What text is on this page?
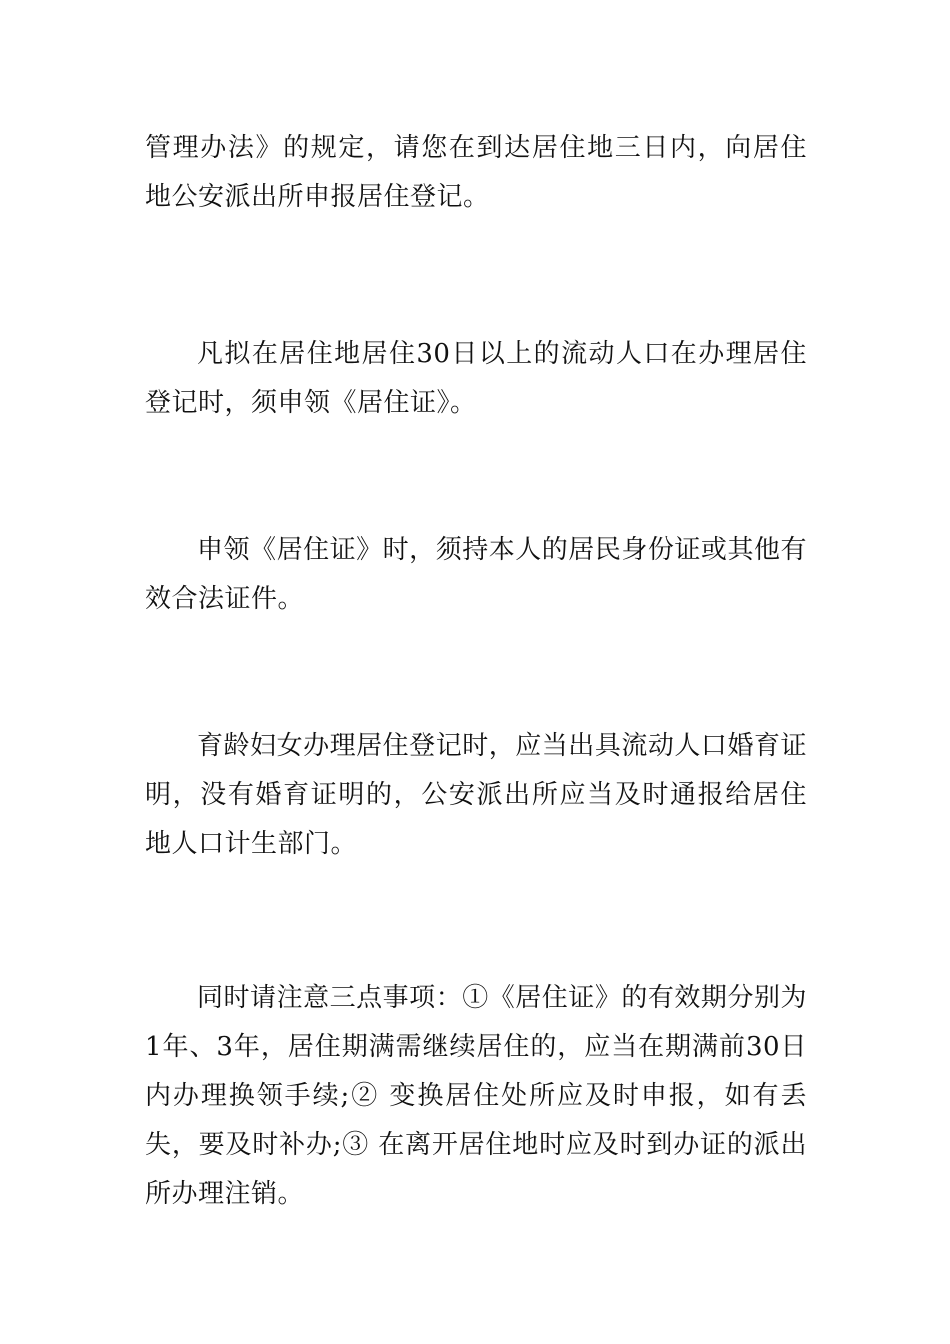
管理办法》的规定，请您在到达居住地三日内，向居住地公安派出所申报居住登记。

凡拟在居住地居住30日以上的流动人口在办理居住登记时，须申领《居住证》。

申领《居住证》时，须持本人的居民身份证或其他有效合法证件。

育龄妇女办理居住登记时，应当出具流动人口婚育证明，没有婚育证明的，公安派出所应当及时通报给居住地人口计生部门。

同时请注意三点事项：①《居住证》的有效期分别为1年、3年，居住期满需继续居住的，应当在期满前30日内办理换领手续;② 变换居住处所应及时申报，如有丢失，要及时补办;③ 在离开居住地时应及时到办证的派出所办理注销。
